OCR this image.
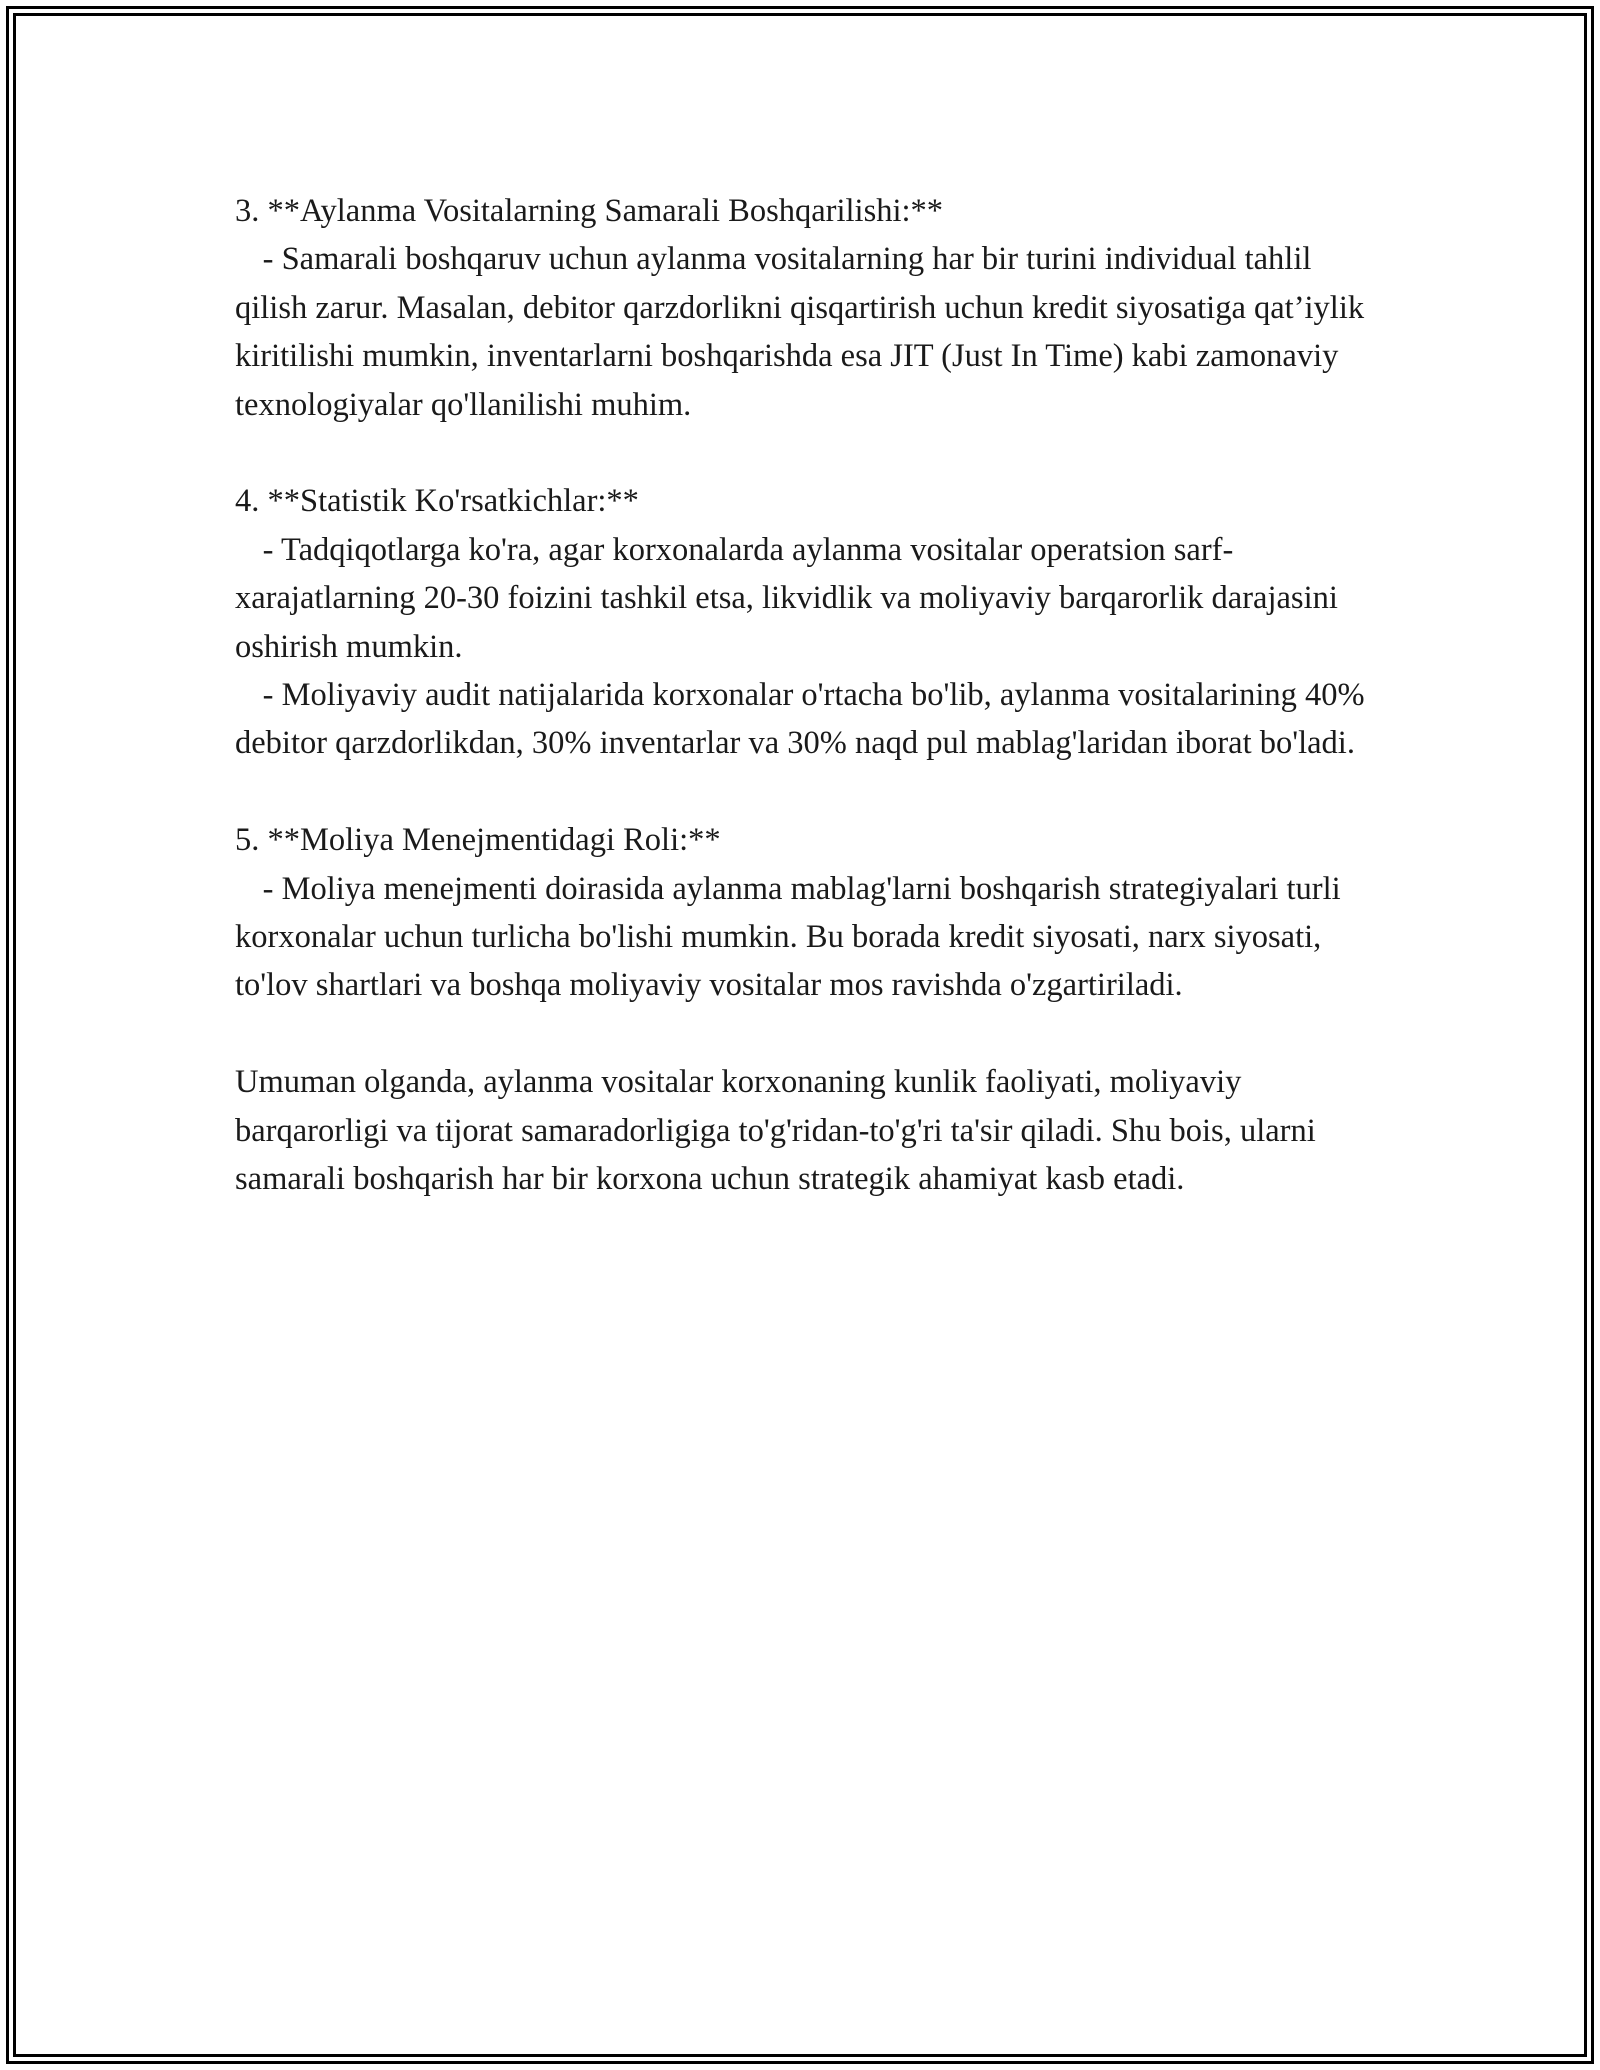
3. **Aylanma Vositalarning Samarali Boshqarilishi:**

- Samarali boshqaruv uchun aylanma vositalarning har bir turini individual tahlil qilish zarur. Masalan, debitor qarzdorlikni qisqartirish uchun kredit siyosatiga qat’iylik kiritilishi mumkin, inventarlarni boshqarishda esa JIT (Just In Time) kabi zamonaviy texnologiyalar qo'llanilishi muhim.

4. **Statistik Ko'rsatkichlar:**

- Tadqiqotlarga ko'ra, agar korxonalarda aylanma vositalar operatsion sarf-xarajatlarning 20-30 foizini tashkil etsa, likvidlik va moliyaviy barqarorlik darajasini oshirish mumkin.

- Moliyaviy audit natijalarida korxonalar o'rtacha bo'lib, aylanma vositalarining 40% debitor qarzdorlikdan, 30% inventarlar va 30% naqd pul mablag'laridan iborat bo'ladi.

5. **Moliya Menejmentidagi Roli:**

- Moliya menejmenti doirasida aylanma mablag'larni boshqarish strategiyalari turli korxonalar uchun turlicha bo'lishi mumkin. Bu borada kredit siyosati, narx siyosati, to'lov shartlari va boshqa moliyaviy vositalar mos ravishda o'zgartiriladi.

Umuman olganda, aylanma vositalar korxonaning kunlik faoliyati, moliyaviy barqarorligi va tijorat samaradorligiga to'g'ridan-to'g'ri ta'sir qiladi. Shu bois, ularni samarali boshqarish har bir korxona uchun strategik ahamiyat kasb etadi.
